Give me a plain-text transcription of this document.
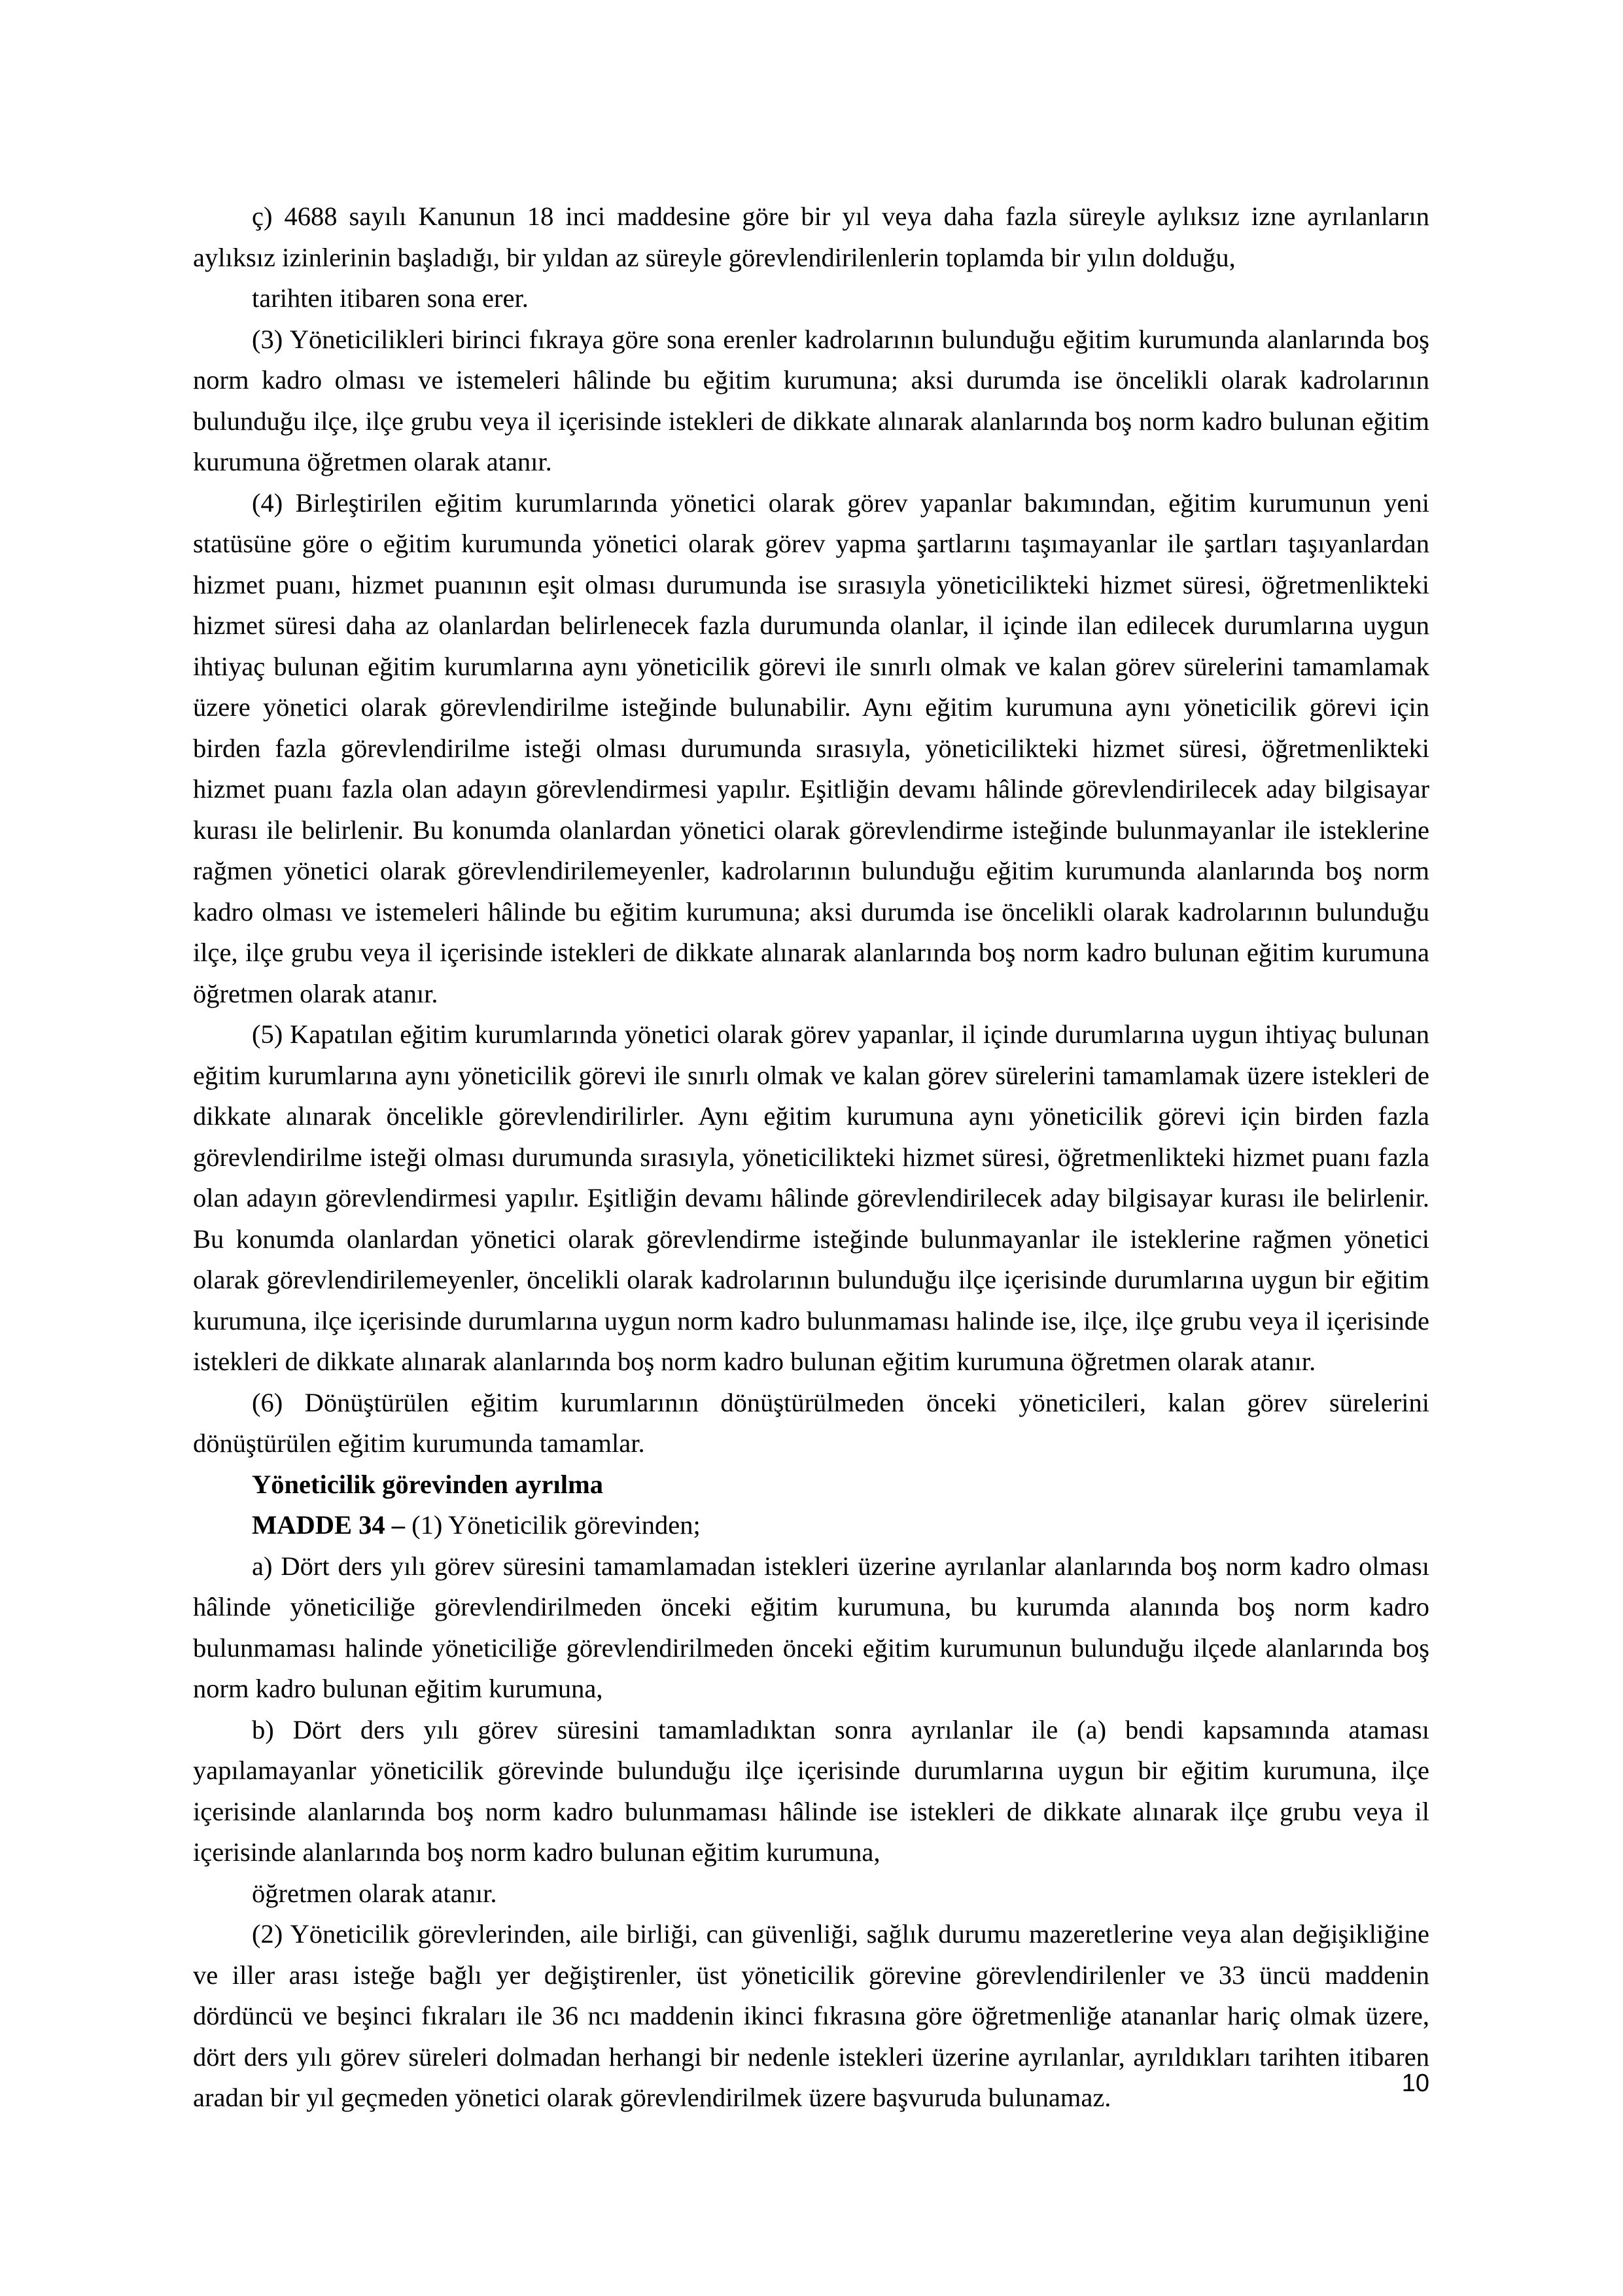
ç) 4688 sayılı Kanunun 18 inci maddesine göre bir yıl veya daha fazla süreyle aylıksız izne ayrılanların aylıksız izinlerinin başladığı, bir yıldan az süreyle görevlendirilenlerin toplamda bir yılın dolduğu,

tarihten itibaren sona erer.

(3) Yöneticilikleri birinci fıkraya göre sona erenler kadrolarının bulunduğu eğitim kurumunda alanlarında boş norm kadro olması ve istemeleri hâlinde bu eğitim kurumuna; aksi durumda ise öncelikli olarak kadrolarının bulunduğu ilçe, ilçe grubu veya il içerisinde istekleri de dikkate alınarak alanlarında boş norm kadro bulunan eğitim kurumuna öğretmen olarak atanır.

(4) Birleştirilen eğitim kurumlarında yönetici olarak görev yapanlar bakımından, eğitim kurumunun yeni statüsüne göre o eğitim kurumunda yönetici olarak görev yapma şartlarını taşımayanlar ile şartları taşıyanlardan hizmet puanı, hizmet puanının eşit olması durumunda ise sırasıyla yöneticilikteki hizmet süresi, öğretmenlikteki hizmet süresi daha az olanlardan belirlenecek fazla durumunda olanlar, il içinde ilan edilecek durumlarına uygun ihtiyaç bulunan eğitim kurumlarına aynı yöneticilik görevi ile sınırlı olmak ve kalan görev sürelerini tamamlamak üzere yönetici olarak görevlendirilme isteğinde bulunabilir. Aynı eğitim kurumuna aynı yöneticilik görevi için birden fazla görevlendirilme isteği olması durumunda sırasıyla, yöneticilikteki hizmet süresi, öğretmenlikteki hizmet puanı fazla olan adayın görevlendirmesi yapılır. Eşitliğin devamı hâlinde görevlendirilecek aday bilgisayar kurası ile belirlenir. Bu konumda olanlardan yönetici olarak görevlendirme isteğinde bulunmayanlar ile isteklerine rağmen yönetici olarak görevlendirilemeyenler, kadrolarının bulunduğu eğitim kurumunda alanlarında boş norm kadro olması ve istemeleri hâlinde bu eğitim kurumuna; aksi durumda ise öncelikli olarak kadrolarının bulunduğu ilçe, ilçe grubu veya il içerisinde istekleri de dikkate alınarak alanlarında boş norm kadro bulunan eğitim kurumuna öğretmen olarak atanır.

(5) Kapatılan eğitim kurumlarında yönetici olarak görev yapanlar, il içinde durumlarına uygun ihtiyaç bulunan eğitim kurumlarına aynı yöneticilik görevi ile sınırlı olmak ve kalan görev sürelerini tamamlamak üzere istekleri de dikkate alınarak öncelikle görevlendirilirler. Aynı eğitim kurumuna aynı yöneticilik görevi için birden fazla görevlendirilme isteği olması durumunda sırasıyla, yöneticilikteki hizmet süresi, öğretmenlikteki hizmet puanı fazla olan adayın görevlendirmesi yapılır. Eşitliğin devamı hâlinde görevlendirilecek aday bilgisayar kurası ile belirlenir. Bu konumda olanlardan yönetici olarak görevlendirme isteğinde bulunmayanlar ile isteklerine rağmen yönetici olarak görevlendirilemeyenler, öncelikli olarak kadrolarının bulunduğu ilçe içerisinde durumlarına uygun bir eğitim kurumuna, ilçe içerisinde durumlarına uygun norm kadro bulunmaması halinde ise, ilçe, ilçe grubu veya il içerisinde istekleri de dikkate alınarak alanlarında boş norm kadro bulunan eğitim kurumuna öğretmen olarak atanır.

(6) Dönüştürülen eğitim kurumlarının dönüştürülmeden önceki yöneticileri, kalan görev sürelerini dönüştürülen eğitim kurumunda tamamlar.

Yöneticilik görevinden ayrılma

MADDE 34 – (1) Yöneticilik görevinden;

a) Dört ders yılı görev süresini tamamlamadan istekleri üzerine ayrılanlar alanlarında boş norm kadro olması hâlinde yöneticiliğe görevlendirilmeden önceki eğitim kurumuna, bu kurumda alanında boş norm kadro bulunmaması halinde yöneticiliğe görevlendirilmeden önceki eğitim kurumunun bulunduğu ilçede alanlarında boş norm kadro bulunan eğitim kurumuna,

b) Dört ders yılı görev süresini tamamladıktan sonra ayrılanlar ile (a) bendi kapsamında ataması yapılamayanlar yöneticilik görevinde bulunduğu ilçe içerisinde durumlarına uygun bir eğitim kurumuna, ilçe içerisinde alanlarında boş norm kadro bulunmaması hâlinde ise istekleri de dikkate alınarak ilçe grubu veya il içerisinde alanlarında boş norm kadro bulunan eğitim kurumuna,

öğretmen olarak atanır.

(2) Yöneticilik görevlerinden, aile birliği, can güvenliği, sağlık durumu mazeretlerine veya alan değişikliğine ve iller arası isteğe bağlı yer değiştirenler, üst yöneticilik görevine görevlendirilenler ve 33 üncü maddenin dördüncü ve beşinci fıkraları ile 36 ncı maddenin ikinci fıkrasına göre öğretmenliğe atananlar hariç olmak üzere, dört ders yılı görev süreleri dolmadan herhangi bir nedenle istekleri üzerine ayrılanlar, ayrıldıkları tarihten itibaren aradan bir yıl geçmeden yönetici olarak görevlendirilmek üzere başvuruda bulunamaz.	10
